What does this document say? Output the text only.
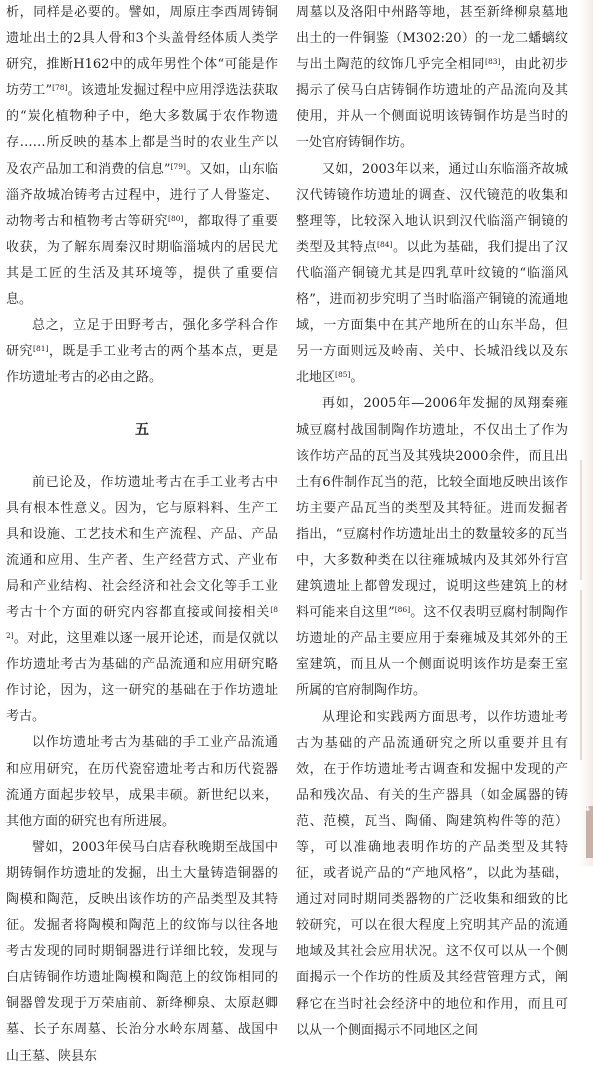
析，同样是必要的。譬如，周原庄李西周铸铜遗址出土的2具人骨和3个头盖骨经体质人类学研究，推断H162中的成年男性个体“可能是作坊劳工”[78]。该遗址发掘过程中应用浮选法获取的“炭化植物种子中，绝大多数属于农作物遗存……所反映的基本上都是当时的农业生产以及农产品加工和消费的信息”[79]。又如，山东临淄齐故城冶铸考古过程中，进行了人骨鉴定、动物考古和植物考古等研究[80]，都取得了重要收获，为了解东周秦汉时期临淄城内的居民尤其是工匠的生活及其环境等，提供了重要信息。

总之，立足于田野考古，强化多学科合作研究[81]，既是手工业考古的两个基本点，更是作坊遗址考古的必由之路。

五

前已论及，作坊遗址考古在手工业考古中具有根本性意义。因为，它与原料料、生产工具和设施、工艺技术和生产流程、产品、产品流通和应用、生产者、生产经营方式、产业布局和产业结构、社会经济和社会文化等手工业考古十个方面的研究内容都直接或间接相关[82]。对此，这里难以逐一展开论述，而是仅就以作坊遗址考古为基础的产品流通和应用研究略作讨论，因为，这一研究的基础在于作坊遗址考古。

以作坊遗址考古为基础的手工业产品流通和应用研究，在历代瓷窑遗址考古和历代瓷器流通方面起步较早，成果丰硕。新世纪以来，其他方面的研究也有所进展。

譬如，2003年侯马白店春秋晚期至战国中期铸铜作坊遗址的发掘，出土大量铸造铜器的陶模和陶范，反映出该作坊的产品类型及其特征。发掘者将陶模和陶范上的纹饰与以往各地考古发现的同时期铜器进行详细比较，发现与白店铸铜作坊遗址陶模和陶范上的纹饰相同的铜器曾发现于万荣庙前、新绛柳泉、太原赵卿墓、长子东周墓、长治分水岭东周墓、战国中山王墓、陕县东

周墓以及洛阳中州路等地，甚至新绛柳泉墓地出土的一件铜鉴（M302:20）的一龙二蟠螭纹与出土陶范的纹饰几乎完全相同[83]，由此初步揭示了侯马白店铸铜作坊遗址的产品流向及其使用，并从一个侧面说明该铸铜作坊是当时的一处官府铸铜作坊。

又如，2003年以来，通过山东临淄齐故城汉代铸镜作坊遗址的调查、汉代镜范的收集和整理等，比较深入地认识到汉代临淄产铜镜的类型及其特点[84]。以此为基础，我们提出了汉代临淄产铜镜尤其是四乳草叶纹镜的“临淄风格”，进而初步究明了当时临淄产铜镜的流通地域，一方面集中在其产地所在的山东半岛，但另一方面则远及岭南、关中、长城沿线以及东北地区[85]。

再如，2005年—2006年发掘的凤翔秦雍城豆腐村战国制陶作坊遗址，不仅出土了作为该作坊产品的瓦当及其残块2000余件，而且出土有6件制作瓦当的范，比较全面地反映出该作坊主要产品瓦当的类型及其特征。进而发掘者指出，“豆腐村作坊遗址出土的数量较多的瓦当中，大多数种类在以往雍城城内及其郊外行宫建筑遗址上都曾发现过，说明这些建筑上的材料可能来自这里”[86]。这不仅表明豆腐村制陶作坊遗址的产品主要应用于秦雍城及其郊外的王室建筑，而且从一个侧面说明该作坊是秦王室所属的官府制陶作坊。

从理论和实践两方面思考，以作坊遗址考古为基础的产品流通研究之所以重要并且有效，在于作坊遗址考古调查和发掘中发现的产品和残次品、有关的生产器具（如金属器的铸范、范模，瓦当、陶俑、陶建筑构件等的范）等，可以准确地表明作坊的产品类型及其特征，或者说产品的“产地风格”，以此为基础，通过对同时期同类器物的广泛收集和细致的比较研究，可以在很大程度上究明其产品的流通地域及其社会应用状况。这不仅可以从一个侧面揭示一个作坊的性质及其经营管理方式，阐释它在当时社会经济中的地位和作用，而且可以从一个侧面揭示不同地区之间

4
